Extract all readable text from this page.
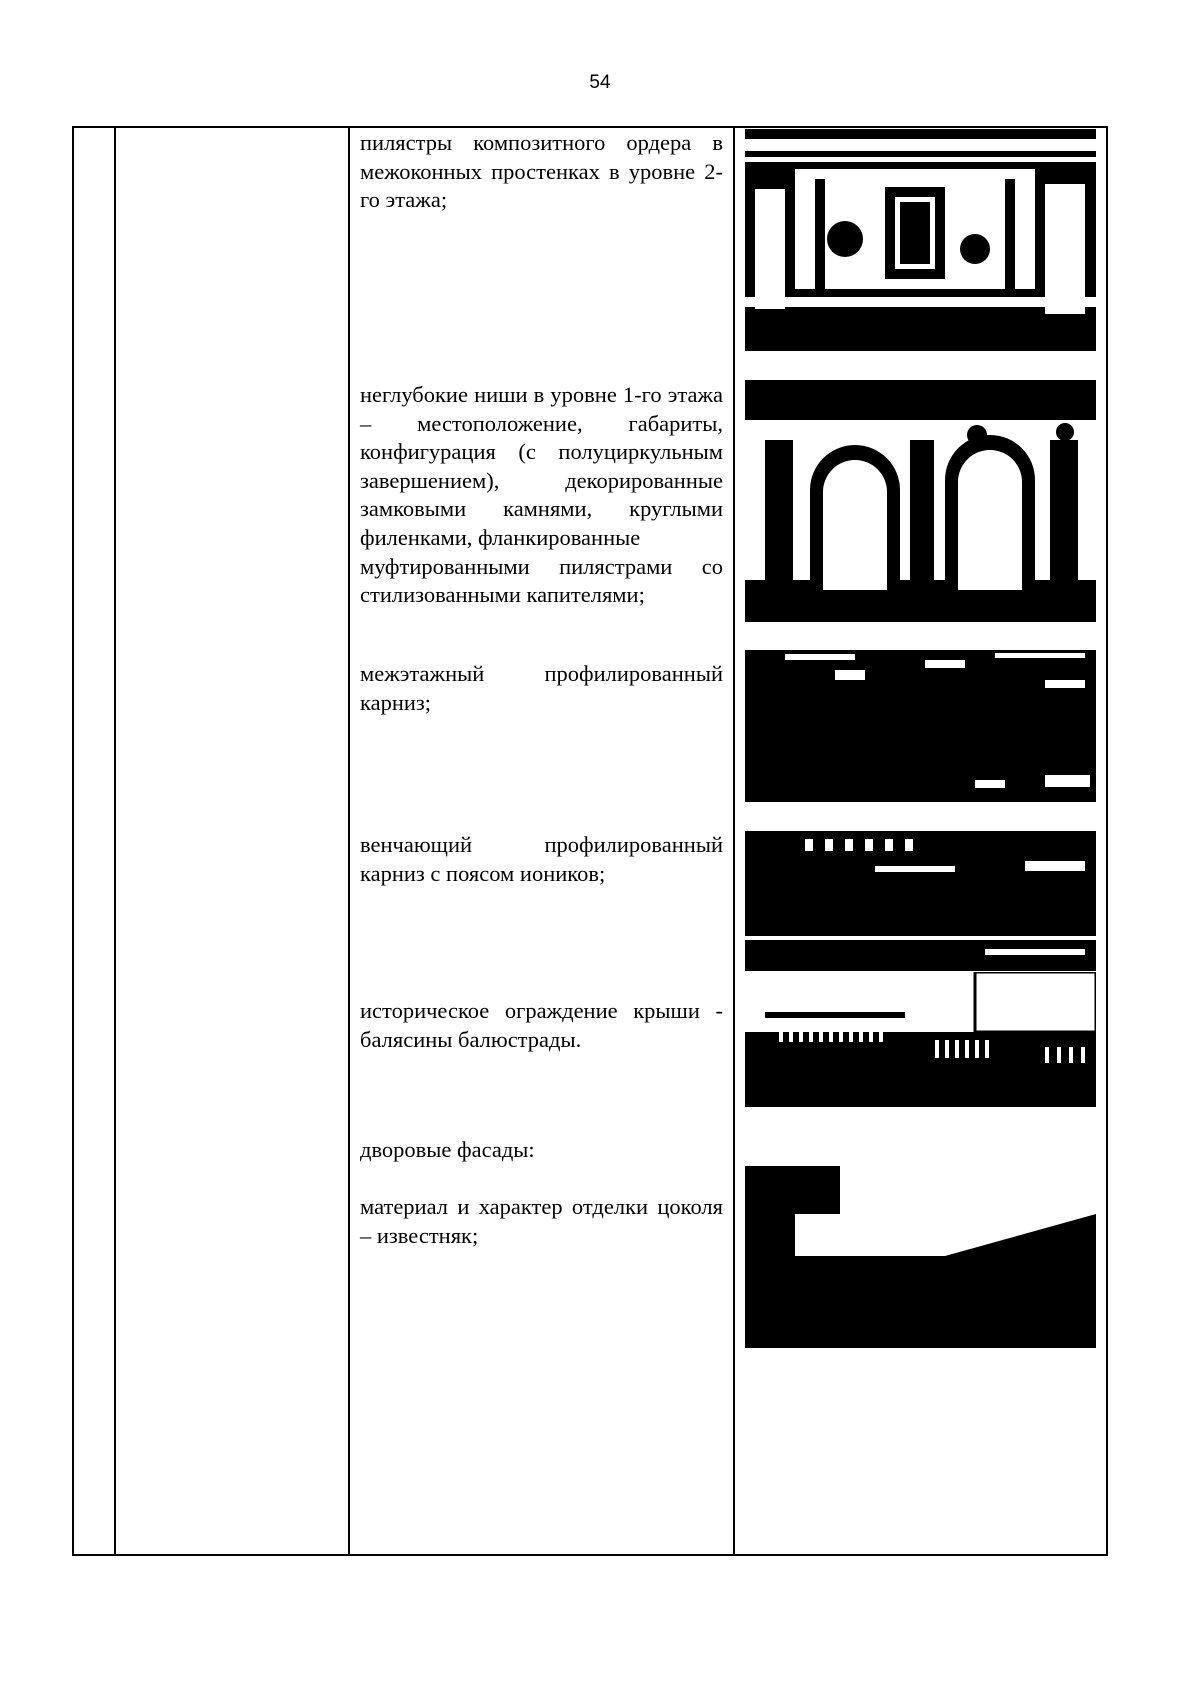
54
пилястры композитного ордера в межоконных простенках в уровне 2-го этажа;
неглубокие ниши в уровне 1-го этажа – местоположение, габариты, конфигурация (с полуциркульным завершением), декорированные замковыми камнями, круглыми филенками, фланкированные
муфтированными пилястрами со стилизованными капителями;
межэтажный профилированный карниз;
венчающий профилированный карниз с поясом иоников;
историческое ограждение крыши - балясины балюстрады.
дворовые фасады:
материал и характер отделки цоколя – известняк;
